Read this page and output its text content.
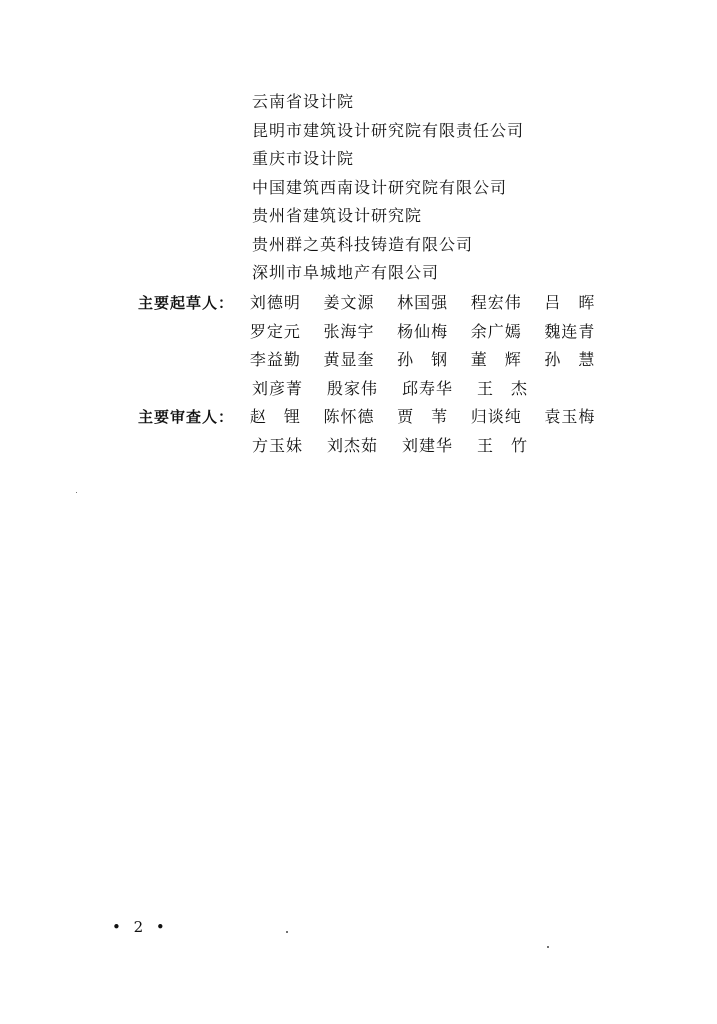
云南省设计院
昆明市建筑设计研究院有限责任公司
重庆市设计院
中国建筑西南设计研究院有限公司
贵州省建筑设计研究院
贵州群之英科技铸造有限公司
深圳市阜城地产有限公司
主要起草人： 刘德明	姜文源	林国强	程宏伟	吕　晖
罗定元	张海宇	杨仙梅	余广嫣	魏连青
李益勤	黄显奎	孙　钢	董　辉	孙　慧
刘彦菁	殷家伟	邱寿华	王　杰
主要审查人： 赵　锂	陈怀德	贾　苇	归谈纯	袁玉梅
方玉妹	刘杰茹	刘建华	王　竹
• 2 •
